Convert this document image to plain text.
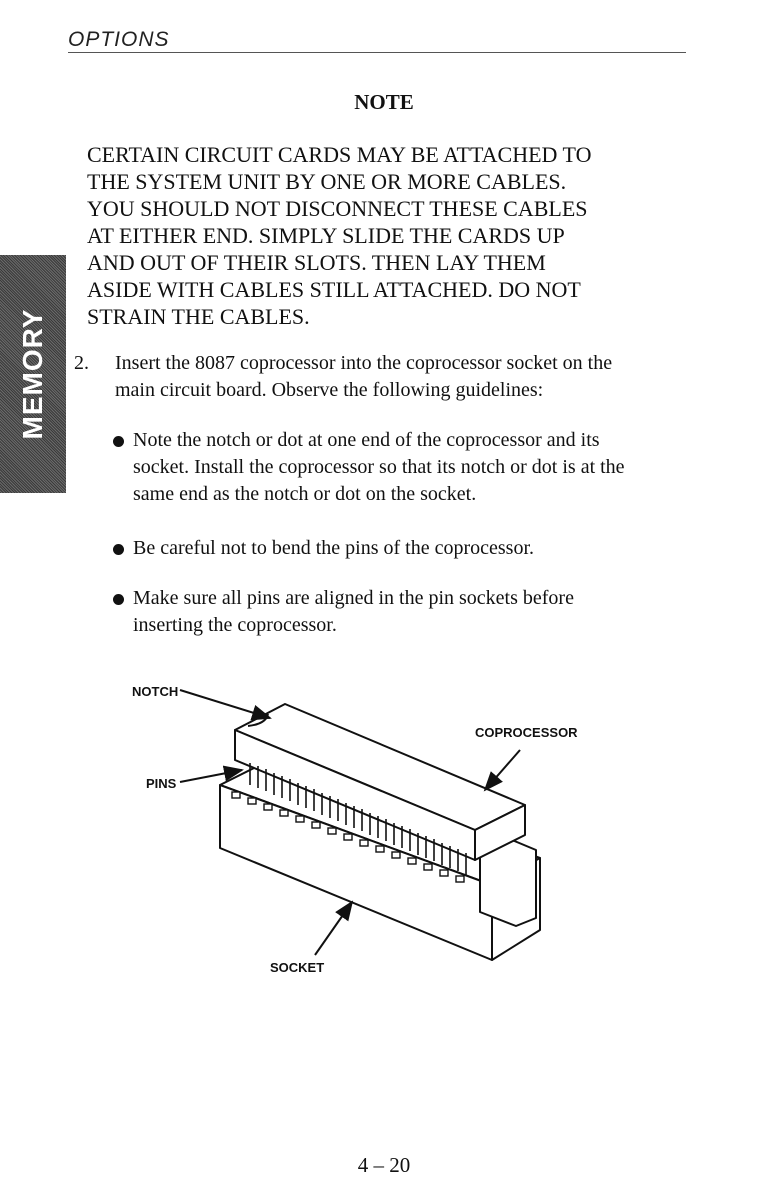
OPTIONS
MEMORY
NOTE
CERTAIN CIRCUIT CARDS MAY BE ATTACHED TO
THE SYSTEM UNIT BY ONE OR MORE CABLES.
YOU SHOULD NOT DISCONNECT THESE CABLES
AT EITHER END. SIMPLY SLIDE THE CARDS UP
AND OUT OF THEIR SLOTS. THEN LAY THEM
ASIDE WITH CABLES STILL ATTACHED. DO NOT
STRAIN THE CABLES.
2. Insert the 8087 coprocessor into the coprocessor socket on the main circuit board. Observe the following guidelines:
Note the notch or dot at one end of the coprocessor and its socket. Install the coprocessor so that its notch or dot is at the same end as the notch or dot on the socket.
Be careful not to bend the pins of the coprocessor.
Make sure all pins are aligned in the pin sockets before inserting the coprocessor.
NOTCH
PINS
COPROCESSOR
SOCKET
4 – 20
